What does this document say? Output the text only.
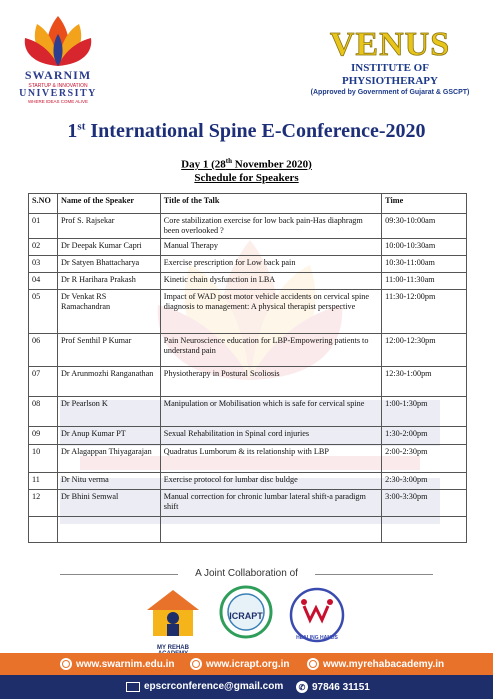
SWARNIM
STARTUP & INNOVATION
UNIVERSITY
WHERE IDEAS COME ALIVE
VENUS
INSTITUTE OF PHYSIOTHERAPY
(Approved by Government of Gujarat & GSCPT)
1st International Spine E-Conference-2020
Day 1 (28th November 2020)
Schedule for Speakers
S.NO	Name of the Speaker	Title of the Talk	Time
01	Prof S. Rajsekar	Core stabilization exercise for low back pain-Has diaphragm been overlooked ?	09:30-10:00am
02	Dr Deepak Kumar Capri	Manual Therapy	10:00-10:30am
03	Dr Satyen Bhattacharya	Exercise prescription for Low back pain	10:30-11:00am
04	Dr R Harihara Prakash	Kinetic chain dysfunction in LBA	11:00-11:30am
05	Dr Venkat RS Ramachandran	Impact of WAD post motor vehicle accidents on cervical spine diagnosis to management: A physical therapist perspective	11:30-12:00pm
06	Prof Senthil P Kumar	Pain Neuroscience education for LBP-Empowering patients to understand pain	12:00-12:30pm
07	Dr Arunmozhi Ranganathan	Physiotherapy in Postural Scoliosis	12:30-1:00pm
08	Dr Pearlson K	Manipulation or Mobilisation which is safe for cervical spine	1:00-1:30pm
09	Dr Anup Kumar PT	Sexual Rehabilitation in Spinal cord injuries	1:30-2:00pm
10	Dr Alagappan Thiyagarajan	Quadratus Lumborum & its relationship with LBP	2:00-2:30pm
11	Dr Nitu verma	Exercise protocol for lumbar disc buldge	2:30-3:00pm
12	Dr Bhini Semwal	Manual correction for chronic lumbar lateral shift-a paradigm shift	3:00-3:30pm

A Joint Collaboration of
MY REHAB
ICRAPT
HEALING HANDS
www.swarnim.edu.in	www.icrapt.org.in	www.myrehabacademy.in
epscrconference@gmail.com	✆ 97846 31151
